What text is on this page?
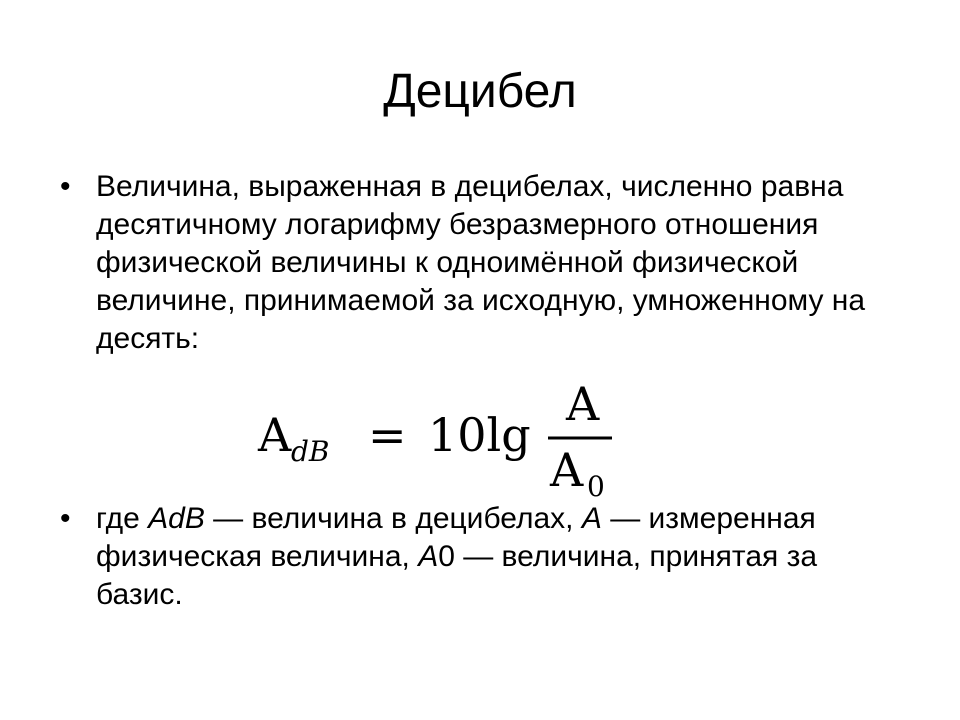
Децибел
• Величина, выраженная в децибелах, численно равна десятичному логарифму безразмерного отношения физической величины к одноимённой физической величине, принимаемой за исходную, умноженному на десять:
A dB = 10lg
A
A 0
• где AdB — величина в децибелах, A — измеренная физическая величина, A0 — величина, принятая за базис.
